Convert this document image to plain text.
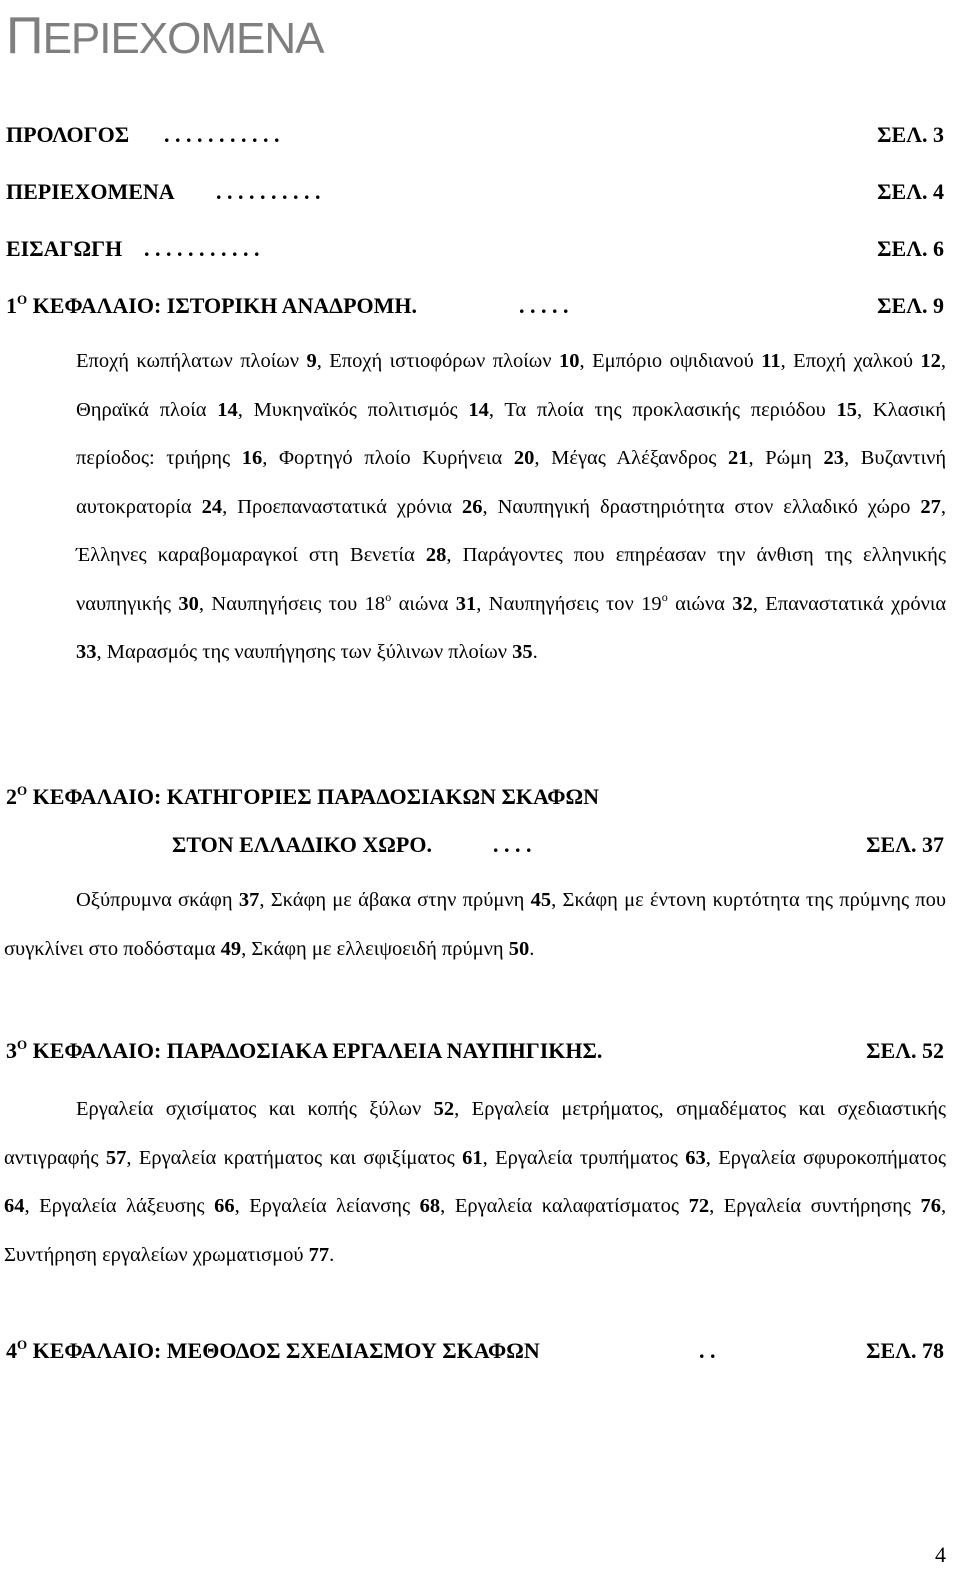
ΠΕΡΙΕΧΟΜΕΝΑ
ΠΡΟΛΟΓΟΣ . . . . . . . . . . .	ΣΕΛ. 3
ΠΕΡΙΕΧΟΜΕΝΑ . . . . . . . . . .	ΣΕΛ. 4
ΕΙΣΑΓΩΓΗ . . . . . . . . . . .	ΣΕΛ. 6
$1^O$ ΚΕΦΑΛΑΙΟ: ΙΣΤΟΡΙΚΗ ΑΝΑΔΡΟΜΗ.	. . . . .	ΣΕΛ. 9

Εποχή κωπήλατων πλοίων 9, Εποχή ιστιοφόρων πλοίων 10, Εμπόριο οψιδιανού 11, Εποχή χαλκού 12, Θηραϊκά πλοία 14, Μυκηναϊκός πολιτισμός 14, Τα πλοία της προκλασικής περιόδου 15, Κλασική περίοδος: τριήρης 16, Φορτηγό πλοίο Κυρήνεια 20, Μέγας Αλέξανδρος 21, Ρώμη 23, Βυζαντινή αυτοκρατορία 24, Προεπαναστατικά χρόνια 26, Ναυπηγική δραστηριότητα στον ελλαδικό χώρο 27, Έλληνες καραβομαραγκοί στη Βενετία 28, Παράγοντες που επηρέασαν την άνθιση της ελληνικής ναυπηγικής 30, Ναυπηγήσεις του $18^o$ αιώνα 31, Ναυπηγήσεις τον $19^o$ αιώνα 32, Επαναστατικά χρόνια 33, Μαρασμός της ναυπήγησης των ξύλινων πλοίων 35.

$2^O$ ΚΕΦΑΛΑΙΟ: ΚΑΤΗΓΟΡΙΕΣ ΠΑΡΑΔΟΣΙΑΚΩΝ ΣΚΑΦΩΝ
ΣΤΟΝ ΕΛΛΑΔΙΚΟ ΧΩΡΟ.	. . . .	ΣΕΛ. 37

Οξύπρυμνα σκάφη 37, Σκάφη με άβακα στην πρύμνη 45, Σκάφη με έντονη κυρτότητα της πρύμνης που συγκλίνει στο ποδόσταμα 49, Σκάφη με ελλειψοειδή πρύμνη 50.

$3^O$ ΚΕΦΑΛΑΙΟ: ΠΑΡΑΔΟΣΙΑΚΑ ΕΡΓΑΛΕΙΑ ΝΑΥΠΗΓΙΚΗΣ.	ΣΕΛ. 52

Εργαλεία σχισίματος και κοπής ξύλων 52, Εργαλεία μετρήματος, σημαδέματος και σχεδιαστικής αντιγραφής 57, Εργαλεία κρατήματος και σφιξίματος 61, Εργαλεία τρυπήματος 63, Εργαλεία σφυροκοπήματος 64, Εργαλεία λάξευσης 66, Εργαλεία λείανσης 68, Εργαλεία καλαφατίσματος 72, Εργαλεία συντήρησης 76, Συντήρηση εργαλείων χρωματισμού 77.

$4^O$ ΚΕΦΑΛΑΙΟ: ΜΕΘΟΔΟΣ ΣΧΕΔΙΑΣΜΟΥ ΣΚΑΦΩΝ	. .	ΣΕΛ. 78
4
